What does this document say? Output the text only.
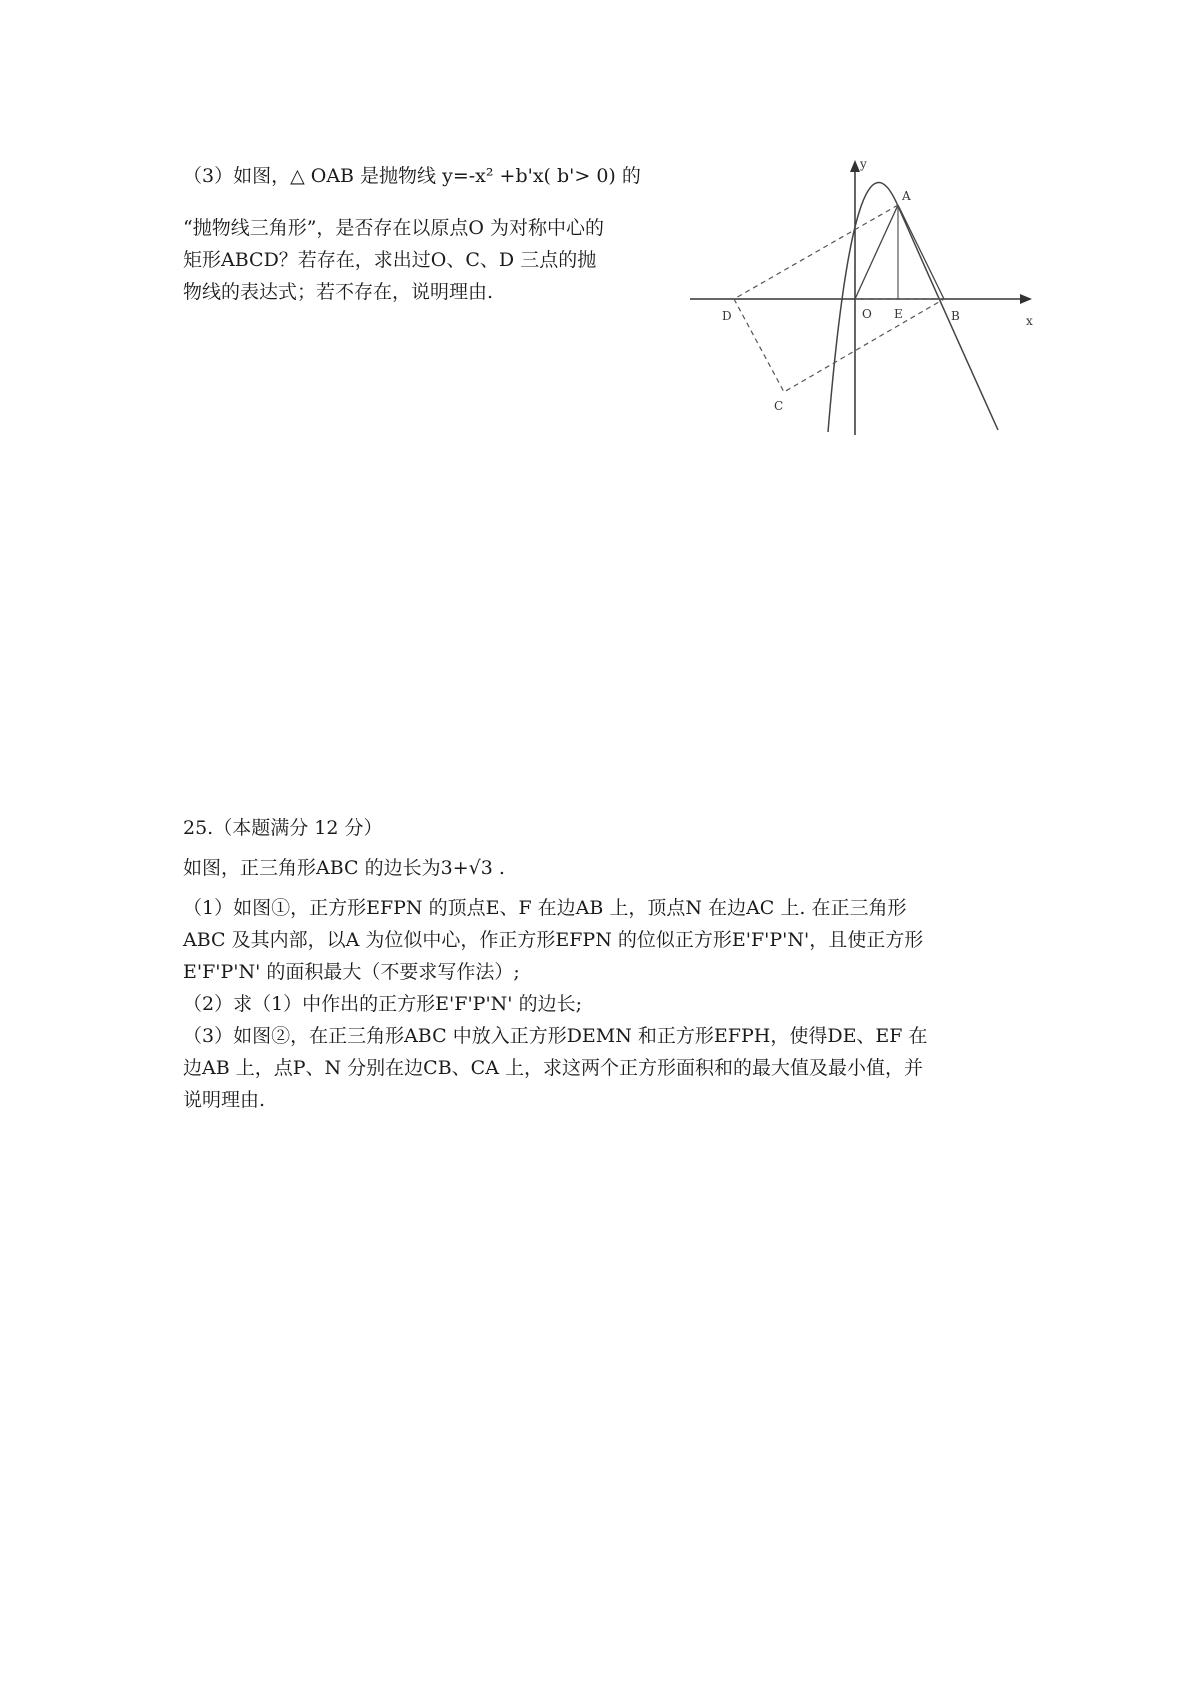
（3）如图，△ OAB 是抛物线 y=-x² +b'x( b'> 0) 的
“抛物线三角形”，是否存在以原点O 为对称中心的
矩形ABCD？若存在，求出过O、C、D 三点的抛
物线的表达式；若不存在，说明理由.
y
x
A
O E	B
D
C
25.（本题满分 12 分）
如图，正三角形ABC 的边长为3+√3 .
（1）如图①，正方形EFPN 的顶点E、F 在边AB 上，顶点N 在边AC 上. 在正三角形
ABC 及其内部，以A 为位似中心，作正方形EFPN 的位似正方形E'F'P'N'，且使正方形
E'F'P'N' 的面积最大（不要求写作法）;
（2）求（1）中作出的正方形E'F'P'N' 的边长;
（3）如图②，在正三角形ABC 中放入正方形DEMN 和正方形EFPH，使得DE、EF 在
边AB 上，点P、N 分别在边CB、CA 上，求这两个正方形面积和的最大值及最小值，并
说明理由.
